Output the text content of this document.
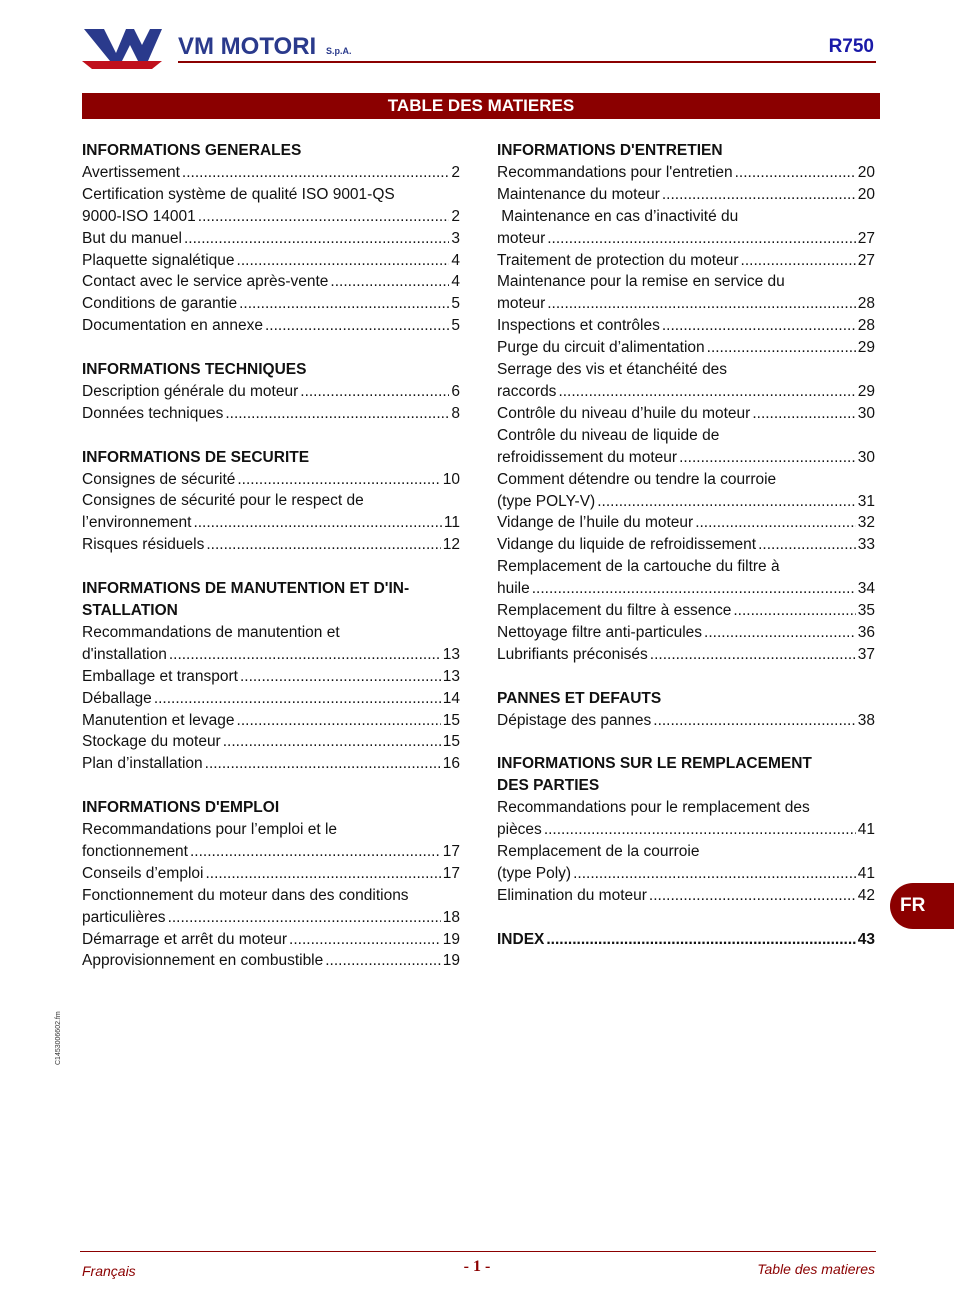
VM MOTORI S.p.A.	R750
TABLE DES MATIERES
INFORMATIONS GENERALES
Avertissement .....	2
Certification système de qualité ISO 9001-QS
9000-ISO 14001 .....	2
But du manuel .....	3
Plaquette signalétique .....	4
Contact avec le service après-vente .....	4
Conditions de garantie .....	5
Documentation en annexe .....	5
INFORMATIONS TECHNIQUES
Description générale du moteur .....	6
Données techniques .....	8
INFORMATIONS DE SECURITE
Consignes de sécurité .....	10
Consignes de sécurité pour le respect de
l’environnement .....	11
Risques résiduels .....	12
INFORMATIONS DE MANUTENTION ET D'IN-
STALLATION
Recommandations de manutention et
d'installation .....	13
Emballage et transport .....	13
Déballage .....	14
Manutention et levage .....	15
Stockage du moteur .....	15
Plan d’installation .....	16
INFORMATIONS D'EMPLOI
Recommandations pour l’emploi et le
fonctionnement .....	17
Conseils d’emploi .....	17
Fonctionnement du moteur dans des conditions
particulières .....	18
Démarrage et arrêt du moteur .....	19
Approvisionnement en combustible .....	19
INFORMATIONS D'ENTRETIEN
Recommandations pour l'entretien .....	20
Maintenance du moteur .....	20
Maintenance en cas d’inactivité du
moteur .....	27
Traitement de protection du moteur .....	27
Maintenance pour la remise en service du
moteur .....	28
Inspections et contrôles .....	28
Purge du circuit d’alimentation .....	29
Serrage des vis et étanchéité des
raccords .....	29
Contrôle du niveau d’huile du moteur .....	30
Contrôle du niveau de liquide de
refroidissement du moteur .....	30
Comment détendre ou tendre la courroie
(type POLY-V) .....	31
Vidange de l’huile du moteur .....	32
Vidange du liquide de refroidissement .....	33
Remplacement de la cartouche du filtre à
huile .....	34
Remplacement du filtre à essence .....	35
Nettoyage filtre anti-particules .....	36
Lubrifiants préconisés .....	37
PANNES ET DEFAUTS
Dépistage des pannes .....	38
INFORMATIONS SUR LE REMPLACEMENT
DES PARTIES
Recommandations pour le remplacement des
pièces .....	41
Remplacement de la courroie
(type Poly) .....	41
Elimination du moteur .....	42
INDEX .....	43
FR
C1453006602.fm
Français	- 1 -	Table des matieres
